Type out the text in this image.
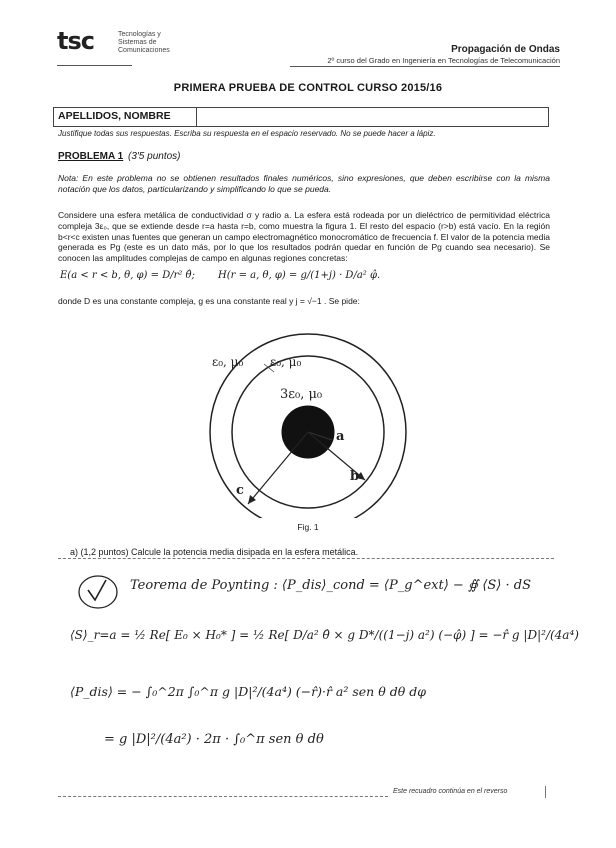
tsc	Tecnologías y
Sistemas de Comunicaciones	Propagación de Ondas
2º curso del Grado en Ingeniería en Tecnologías de Telecomunicación
PRIMERA PRUEBA DE CONTROL CURSO 2015/16
APELLIDOS, NOMBRE
Justifique todas sus respuestas. Escriba su respuesta en el espacio reservado. No se puede hacer a lápiz.
PROBLEMA 1 (3'5 puntos)
Nota: En este problema no se obtienen resultados finales numéricos, sino expresiones, que deben escribirse con la misma notación que los datos, particularizando y simplificando lo que se pueda.
Considere una esfera metálica de conductividad σ y radio a. La esfera está rodeada por un dieléctrico de permitividad eléctrica compleja 3ε₀, que se extiende desde r=a hasta r=b, como muestra la figura 1. El resto del espacio (r>b) está vacío. En la región b<r<c existen unas fuentes que generan un campo electromagnético monocromático de frecuencia f. El valor de la potencia media generada es Pg (este es un dato más, por lo que los resultados podrán quedar en función de Pg cuando sea necesario). Se conocen las amplitudes complejas de campo en algunas regiones concretas:
E(a < r < b, θ, φ) = D/r² θ̂; H(r = a, θ, φ) = g/(1+j) · D/a² φ̂.
donde D es una constante compleja, g es una constante real y j = √−1 . Se pide:
ε₀, μ₀ ε₀, μ₀
3ε₀, μ₀
a
b
c
Fig. 1
a) (1,2 puntos) Calcule la potencia media disipada en la esfera metálica.
Teorema de Poynting : ⟨P_dis⟩_cond = ⟨P_g^ext⟩ − ∯ ⟨S⟩ · dS
⟨S⟩_r=a = ½ Re[ E₀ × H₀* ] = ½ Re[ D/a² θ̂ × g D*/((1−j) a²) (−φ̂) ] = −r̂ g |D|²/(4a⁴)
⟨P_dis⟩ = − ∫₀^2π ∫₀^π g |D|²/(4a⁴) (−r̂)·r̂ a² sen θ dθ dφ
= g |D|²/(4a²) · 2π · ∫₀^π sen θ dθ
Este recuadro continúa en el reverso
